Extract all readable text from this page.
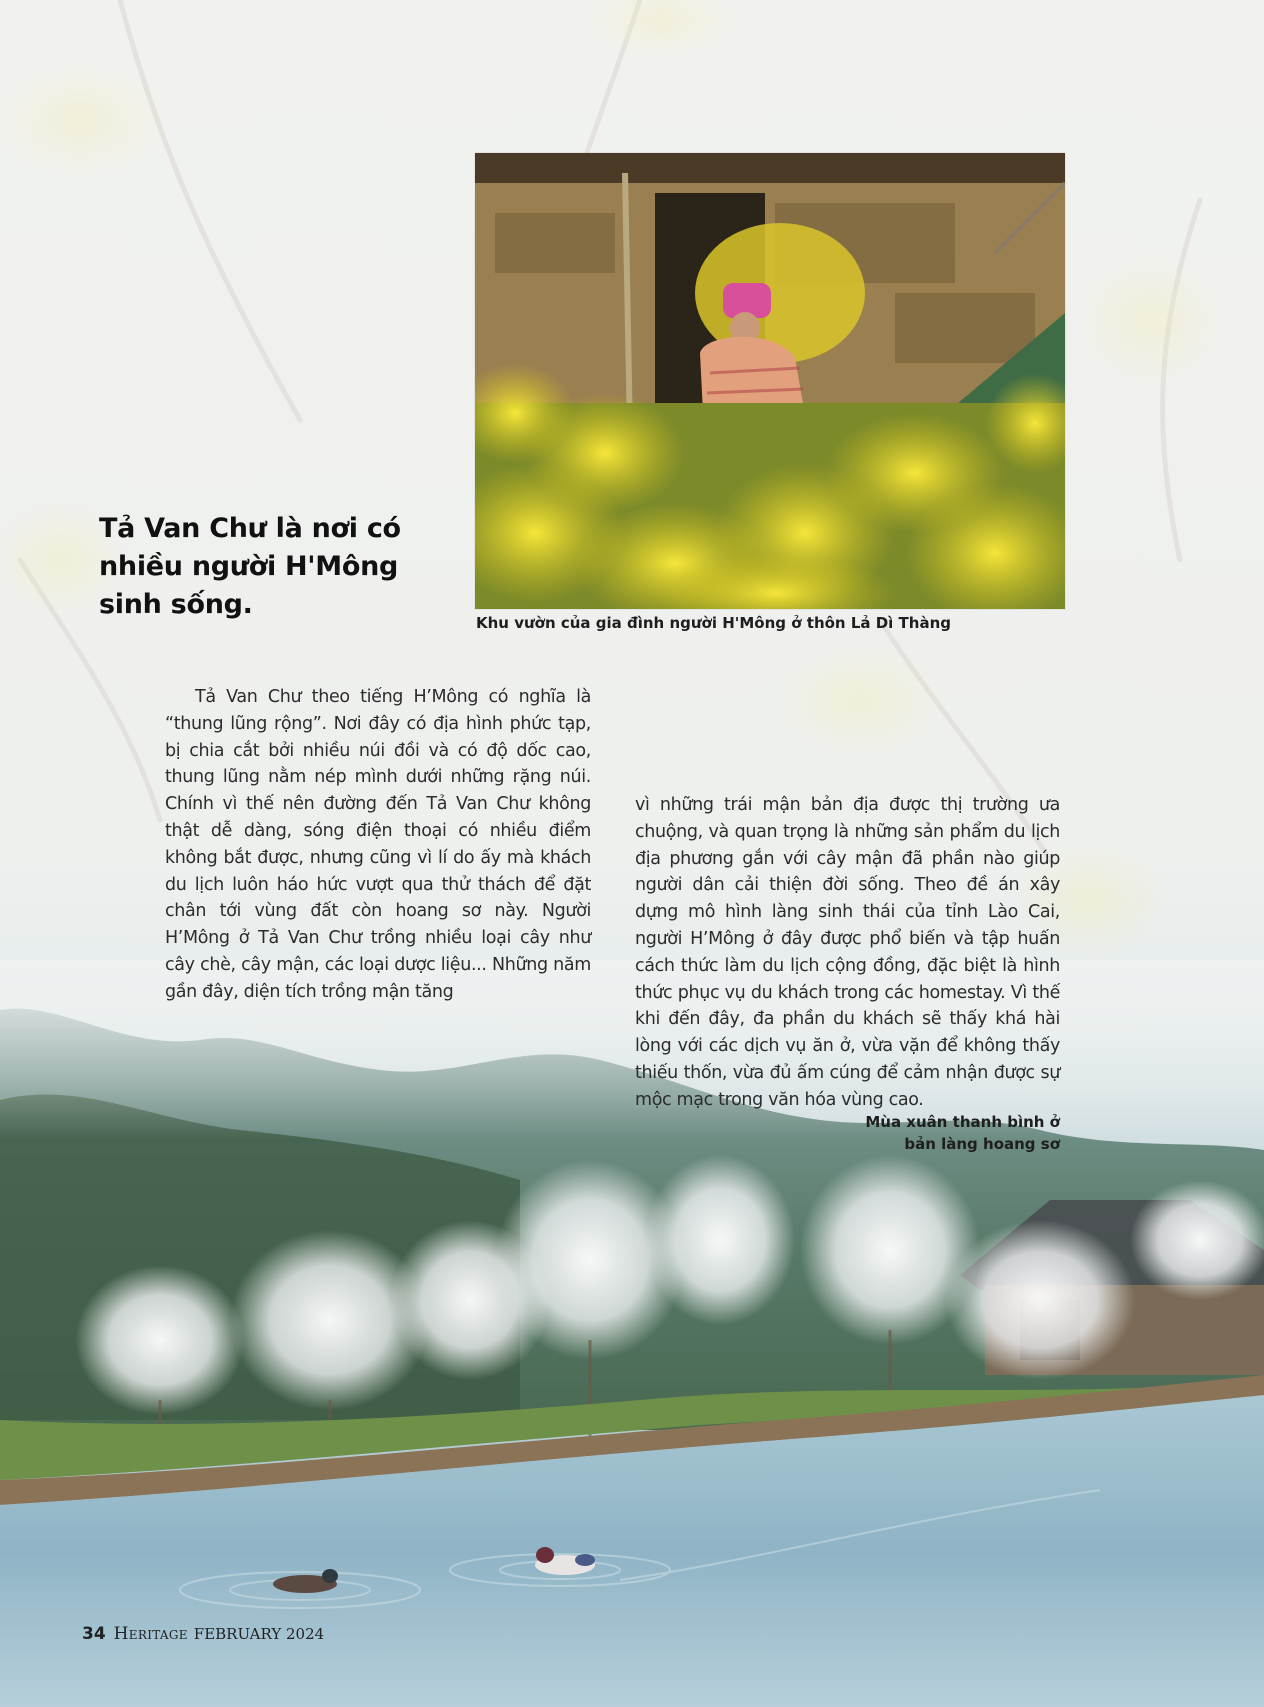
Khu vườn của gia đình người H'Mông ở thôn Lả Dì Thàng
Tả Van Chư là nơi có nhiều người H'Mông sinh sống.
Tả Van Chư theo tiếng H’Mông có nghĩa là “thung lũng rộng”. Nơi đây có địa hình phức tạp, bị chia cắt bởi nhiều núi đồi và có độ dốc cao, thung lũng nằm nép mình dưới những rặng núi. Chính vì thế nên đường đến Tả Van Chư không thật dễ dàng, sóng điện thoại có nhiều điểm không bắt được, nhưng cũng vì lí do ấy mà khách du lịch luôn háo hức vượt qua thử thách để đặt chân tới vùng đất còn hoang sơ này. Người H’Mông ở Tả Van Chư trồng nhiều loại cây như cây chè, cây mận, các loại dược liệu... Những năm gần đây, diện tích trồng mận tăng
vì những trái mận bản địa được thị trường ưa chuộng, và quan trọng là những sản phẩm du lịch địa phương gắn với cây mận đã phần nào giúp người dân cải thiện đời sống. Theo đề án xây dựng mô hình làng sinh thái của tỉnh Lào Cai, người H’Mông ở đây được phổ biến và tập huấn cách thức làm du lịch cộng đồng, đặc biệt là hình thức phục vụ du khách trong các homestay. Vì thế khi đến đây, đa phần du khách sẽ thấy khá hài lòng với các dịch vụ ăn ở, vừa vặn để không thấy thiếu thốn, vừa đủ ấm cúng để cảm nhận được sự mộc mạc trong văn hóa vùng cao.
Mùa xuân thanh bình ở
bản làng hoang sơ
34 Heritage FEBRUARY 2024
